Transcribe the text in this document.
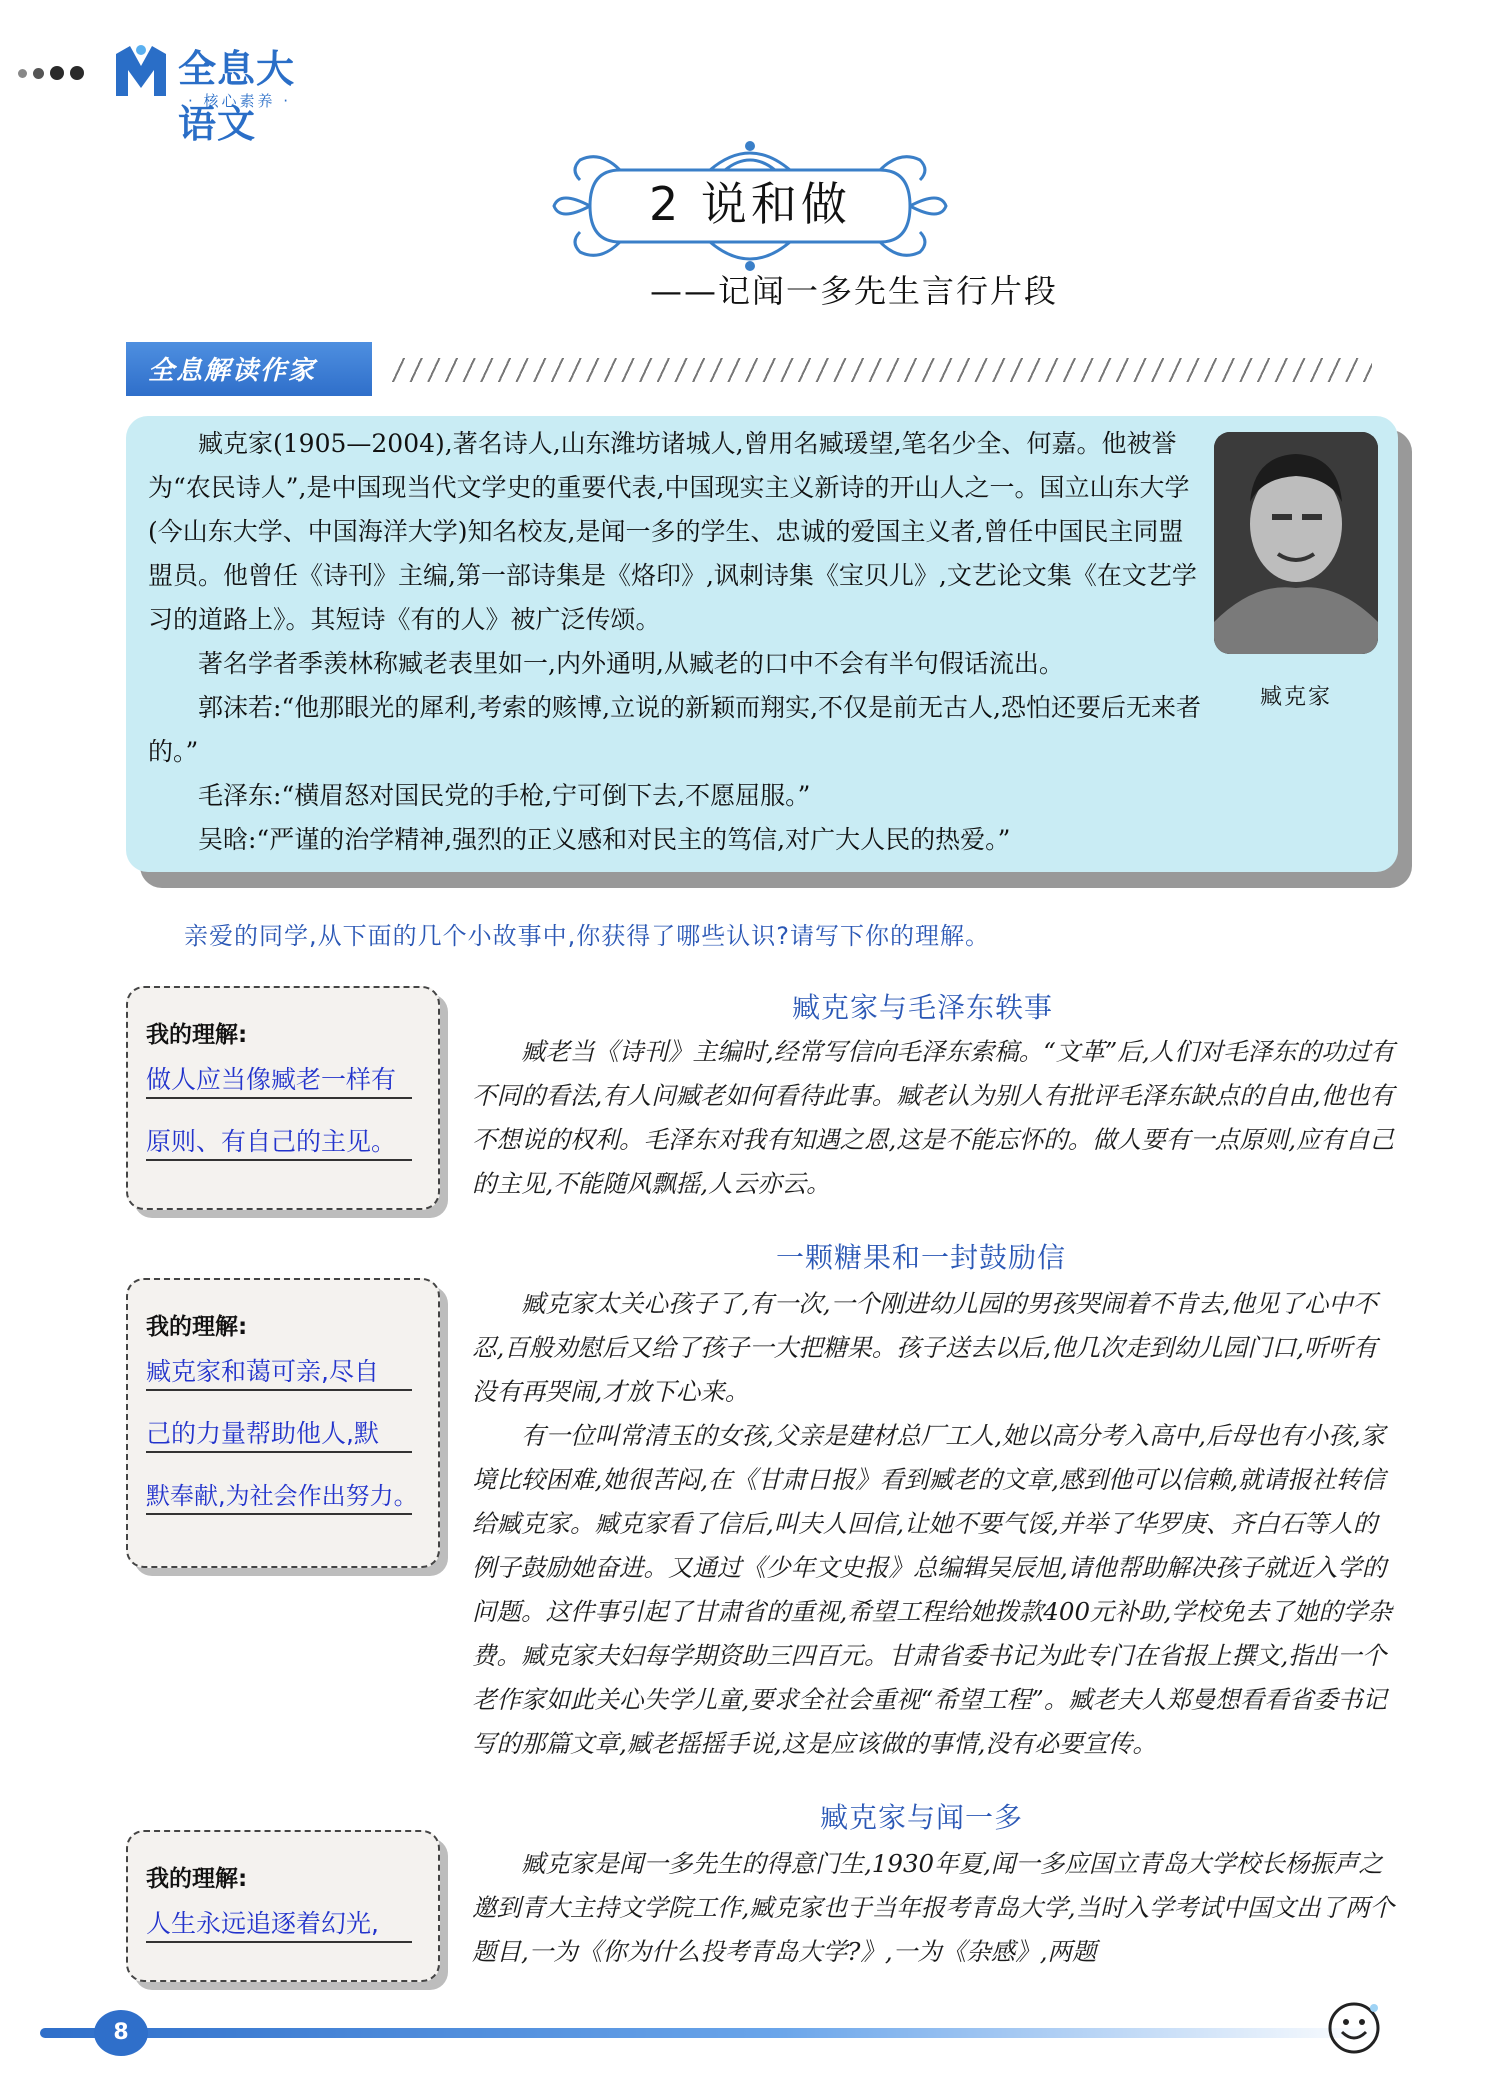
全息大语文
· 核心素养 ·
2 说和做
——记闻一多先生言行片段
全息解读作家

臧克家(1905—2004),著名诗人,山东潍坊诸城人,曾用名臧瑗望,笔名少全、何嘉。他被誉为“农民诗人”,是中国现当代文学史的重要代表,中国现实主义新诗的开山人之一。国立山东大学(今山东大学、中国海洋大学)知名校友,是闻一多的学生、忠诚的爱国主义者,曾任中国民主同盟盟员。他曾任《诗刊》主编,第一部诗集是《烙印》,讽刺诗集《宝贝儿》,文艺论文集《在文艺学习的道路上》。其短诗《有的人》被广泛传颂。

著名学者季羡林称臧老表里如一,内外通明,从臧老的口中不会有半句假话流出。

郭沫若:“他那眼光的犀利,考索的赅博,立说的新颖而翔实,不仅是前无古人,恐怕还要后无来者的。”

毛泽东:“横眉怒对国民党的手枪,宁可倒下去,不愿屈服。”

吴晗:“严谨的治学精神,强烈的正义感和对民主的笃信,对广大人民的热爱。”

臧克家
亲爱的同学,从下面的几个小故事中,你获得了哪些认识?请写下你的理解。
我的理解:
做人应当像臧老一样有
原则、有自己的主见。
臧克家与毛泽东轶事

臧老当《诗刊》主编时,经常写信向毛泽东索稿。“文革”后,人们对毛泽东的功过有不同的看法,有人问臧老如何看待此事。臧老认为别人有批评毛泽东缺点的自由,他也有不想说的权利。毛泽东对我有知遇之恩,这是不能忘怀的。做人要有一点原则,应有自己的主见,不能随风飘摇,人云亦云。

我的理解:
臧克家和蔼可亲,尽自
己的力量帮助他人,默
默奉献,为社会作出努力。
一颗糖果和一封鼓励信

臧克家太关心孩子了,有一次,一个刚进幼儿园的男孩哭闹着不肯去,他见了心中不忍,百般劝慰后又给了孩子一大把糖果。孩子送去以后,他几次走到幼儿园门口,听听有没有再哭闹,才放下心来。

有一位叫常清玉的女孩,父亲是建材总厂工人,她以高分考入高中,后母也有小孩,家境比较困难,她很苦闷,在《甘肃日报》看到臧老的文章,感到他可以信赖,就请报社转信给臧克家。臧克家看了信后,叫夫人回信,让她不要气馁,并举了华罗庚、齐白石等人的例子鼓励她奋进。又通过《少年文史报》总编辑吴辰旭,请他帮助解决孩子就近入学的问题。这件事引起了甘肃省的重视,希望工程给她拨款400元补助,学校免去了她的学杂费。臧克家夫妇每学期资助三四百元。甘肃省委书记为此专门在省报上撰文,指出一个老作家如此关心失学儿童,要求全社会重视“希望工程”。臧老夫人郑曼想看看省委书记写的那篇文章,臧老摇摇手说,这是应该做的事情,没有必要宣传。

我的理解:
人生永远追逐着幻光,
臧克家与闻一多

臧克家是闻一多先生的得意门生,1930年夏,闻一多应国立青岛大学校长杨振声之邀到青大主持文学院工作,臧克家也于当年报考青岛大学,当时入学考试中国文出了两个题目,一为《你为什么投考青岛大学?》,一为《杂感》,两题

8
